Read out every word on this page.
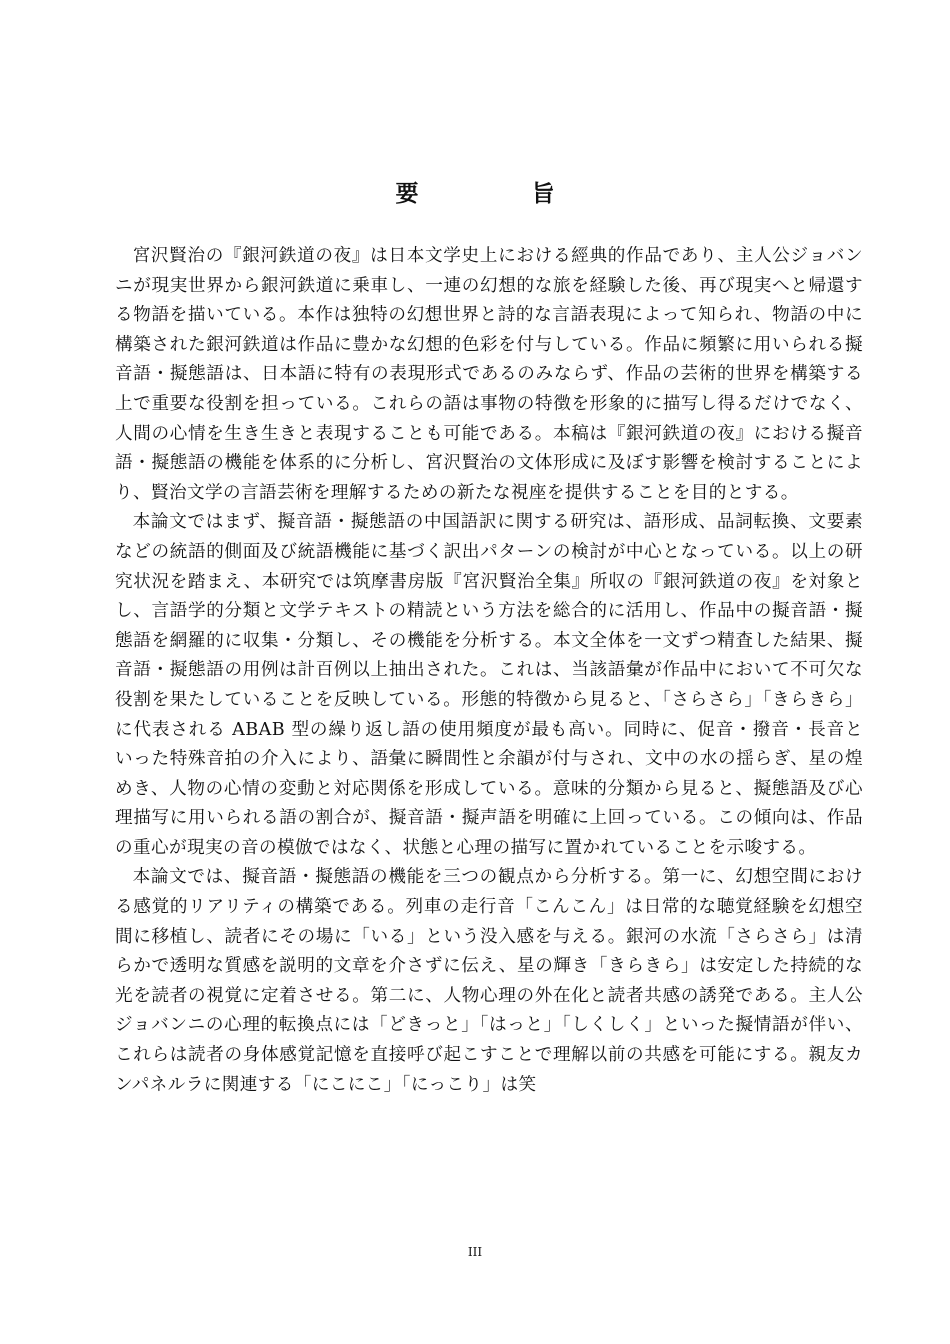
要　旨

宮沢賢治の『銀河鉄道の夜』は日本文学史上における經典的作品であり、主人公ジョバンニが現実世界から銀河鉄道に乗車し、一連の幻想的な旅を経験した後、再び現実へと帰還する物語を描いている。本作は独特の幻想世界と詩的な言語表現によって知られ、物語の中に構築された銀河鉄道は作品に豊かな幻想的色彩を付与している。作品に頻繁に用いられる擬音語・擬態語は、日本語に特有の表現形式であるのみならず、作品の芸術的世界を構築する上で重要な役割を担っている。これらの語は事物の特徴を形象的に描写し得るだけでなく、人間の心情を生き生きと表現することも可能である。本稿は『銀河鉄道の夜』における擬音語・擬態語の機能を体系的に分析し、宮沢賢治の文体形成に及ぼす影響を検討することにより、賢治文学の言語芸術を理解するための新たな視座を提供することを目的とする。

本論文ではまず、擬音語・擬態語の中国語訳に関する研究は、語形成、品詞転換、文要素などの統語的側面及び統語機能に基づく訳出パターンの検討が中心となっている。以上の研究状況を踏まえ、本研究では筑摩書房版『宮沢賢治全集』所収の『銀河鉄道の夜』を対象とし、言語学的分類と文学テキストの精読という方法を総合的に活用し、作品中の擬音語・擬態語を網羅的に収集・分類し、その機能を分析する。本文全体を一文ずつ精査した結果、擬音語・擬態語の用例は計百例以上抽出された。これは、当該語彙が作品中において不可欠な役割を果たしていることを反映している。形態的特徴から見ると、「さらさら」「きらきら」に代表される ABAB 型の繰り返し語の使用頻度が最も高い。同時に、促音・撥音・長音といった特殊音拍の介入により、語彙に瞬間性と余韻が付与され、文中の水の揺らぎ、星の煌めき、人物の心情の変動と対応関係を形成している。意味的分類から見ると、擬態語及び心理描写に用いられる語の割合が、擬音語・擬声語を明確に上回っている。この傾向は、作品の重心が現実の音の模倣ではなく、状態と心理の描写に置かれていることを示唆する。

本論文では、擬音語・擬態語の機能を三つの観点から分析する。第一に、幻想空間における感覚的リアリティの構築である。列車の走行音「こんこん」は日常的な聴覚経験を幻想空間に移植し、読者にその場に「いる」という没入感を与える。銀河の水流「さらさら」は清らかで透明な質感を説明的文章を介さずに伝え、星の輝き「きらきら」は安定した持続的な光を読者の視覚に定着させる。第二に、人物心理の外在化と読者共感の誘発である。主人公ジョバンニの心理的転換点には「どきっと」「はっと」「しくしく」といった擬情語が伴い、これらは読者の身体感覚記憶を直接呼び起こすことで理解以前の共感を可能にする。親友カンパネルラに関連する「にこにこ」「にっこり」は笑

III
